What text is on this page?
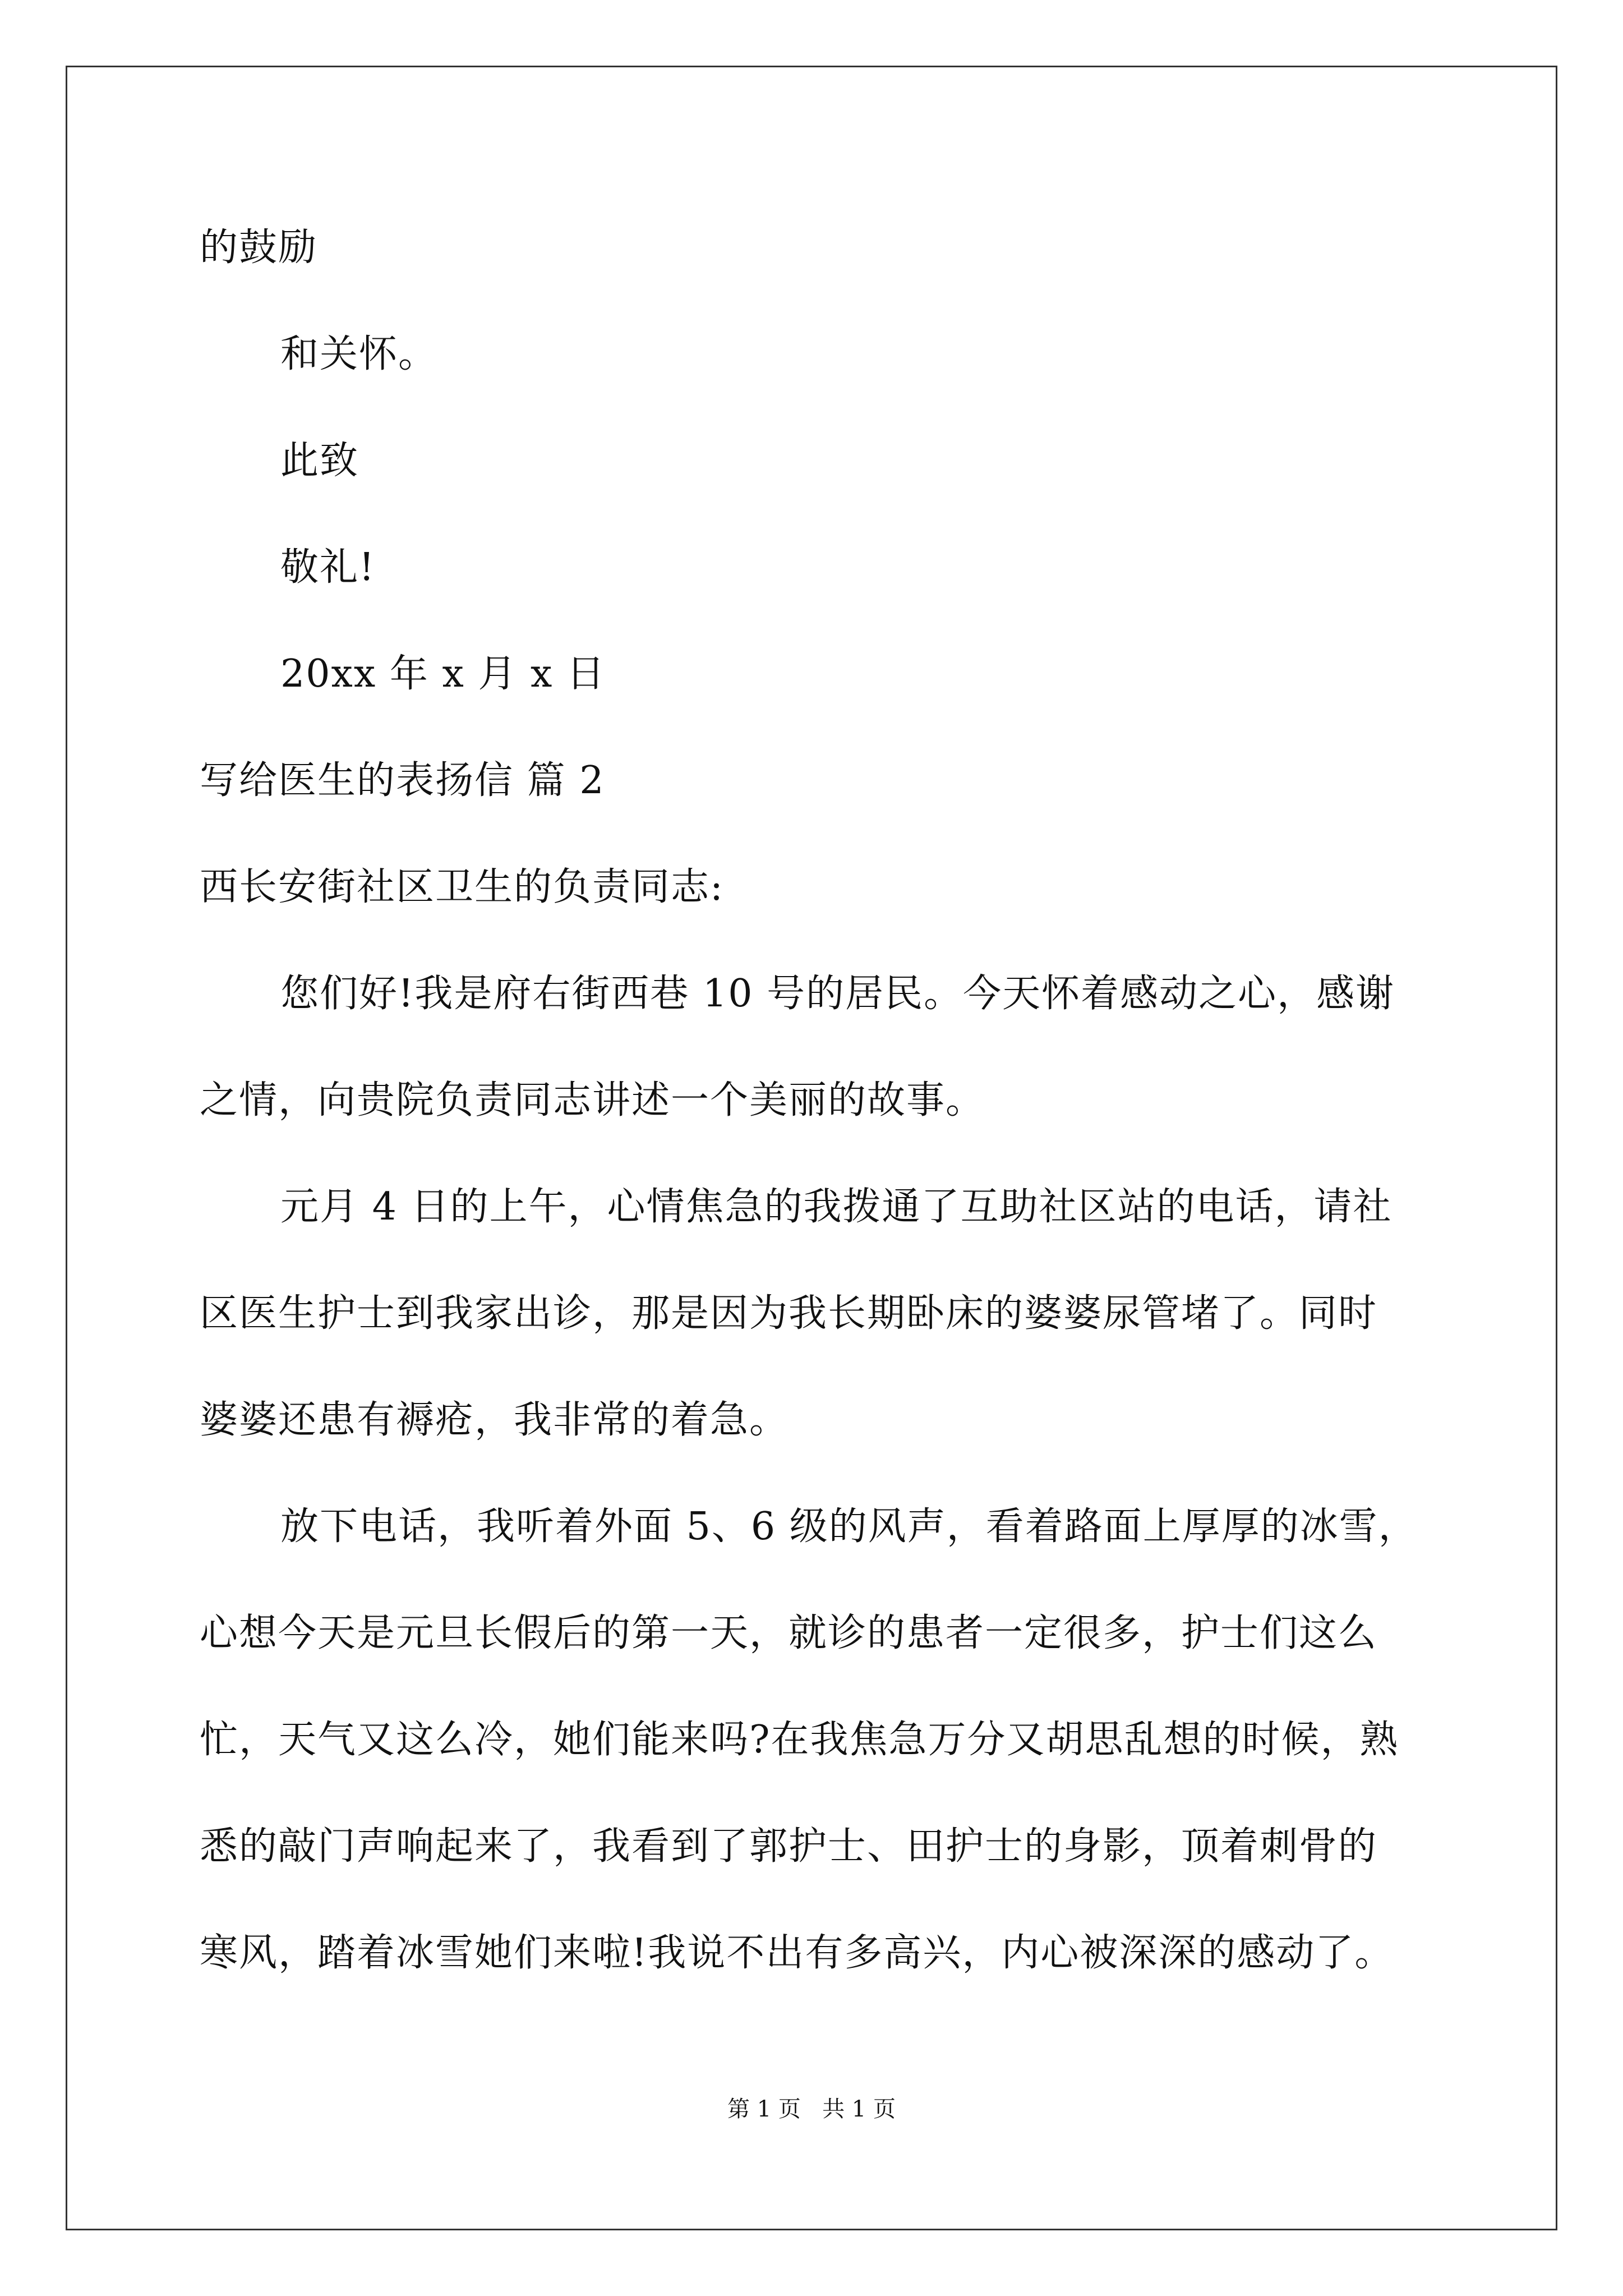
的鼓励
和关怀。
此致
敬礼!
20xx 年 x 月 x 日
写给医生的表扬信 篇 2
西长安街社区卫生的负责同志:
您们好!我是府右街西巷 10 号的居民。今天怀着感动之心，感谢
之情，向贵院负责同志讲述一个美丽的故事。
元月 4 日的上午，心情焦急的我拨通了互助社区站的电话，请社
区医生护士到我家出诊，那是因为我长期卧床的婆婆尿管堵了。同时
婆婆还患有褥疮，我非常的着急。
放下电话，我听着外面 5、6 级的风声，看着路面上厚厚的冰雪，
心想今天是元旦长假后的第一天，就诊的患者一定很多，护士们这么
忙，天气又这么冷，她们能来吗?在我焦急万分又胡思乱想的时候，熟
悉的敲门声响起来了，我看到了郭护士、田护士的身影，顶着刺骨的
寒风，踏着冰雪她们来啦!我说不出有多高兴，内心被深深的感动了。
第 1 页   共 1 页
